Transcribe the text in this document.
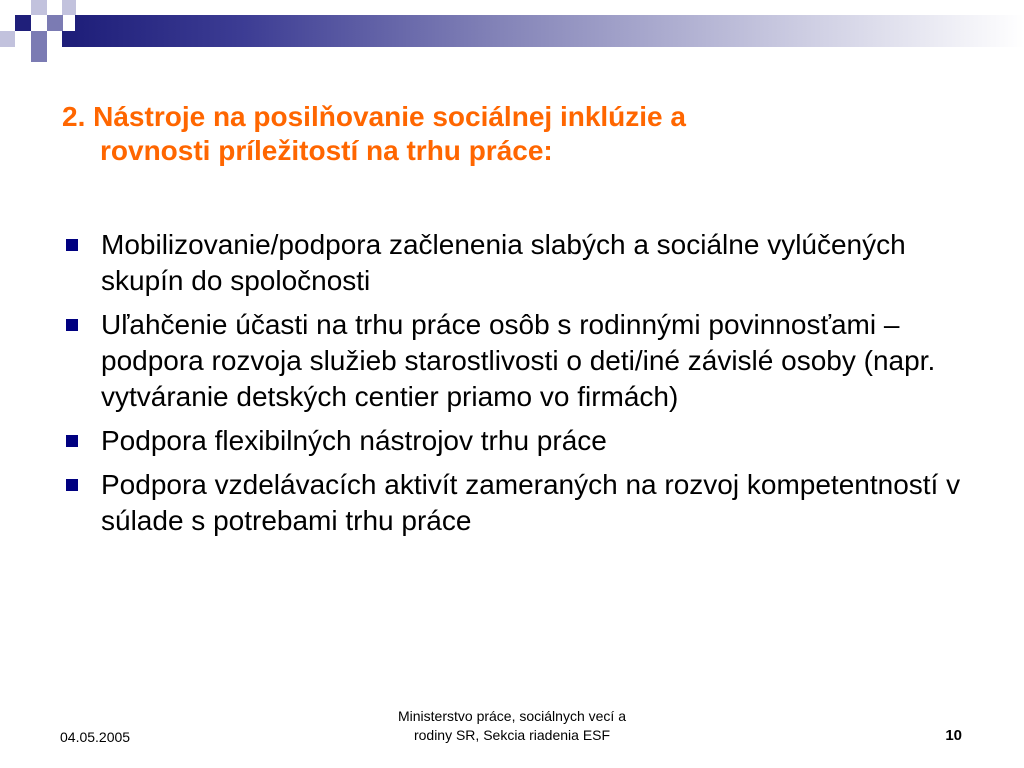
2. Nástroje na posilňovanie sociálnej inklúzie a
rovnosti príležitostí na trhu práce:
Mobilizovanie/podpora začlenenia slabých a sociálne vylúčených skupín do spoločnosti
Uľahčenie účasti na trhu práce osôb s rodinnými povinnosťami – podpora rozvoja služieb starostlivosti o deti/iné závislé osoby (napr. vytváranie detských centier priamo vo firmách)
Podpora flexibilných nástrojov trhu práce
Podpora vzdelávacích aktivít zameraných na rozvoj kompetentností v súlade s potrebami trhu práce
04.05.2005
Ministerstvo práce, sociálnych vecí a
rodiny SR, Sekcia riadenia ESF	10
